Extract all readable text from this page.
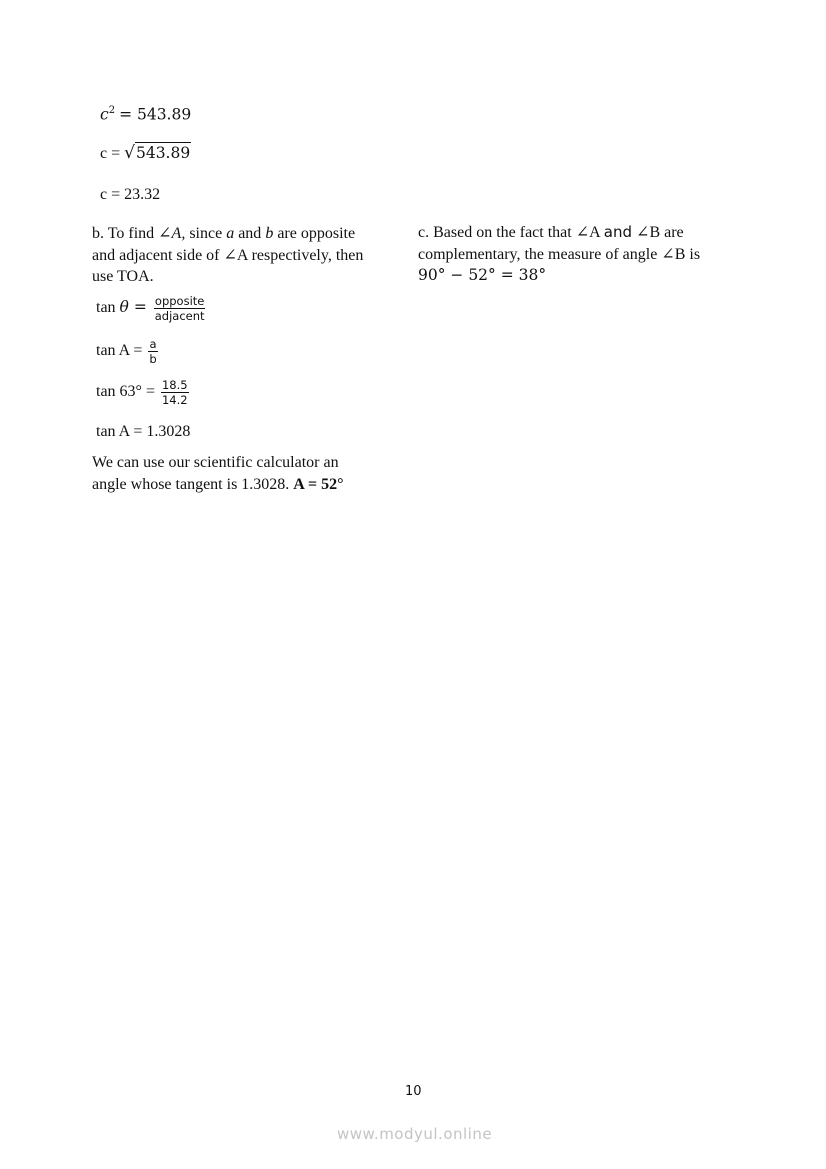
$c^2 = 543.89$
c = √ 543.89
c = 23.32
b. To find ∠A, since a and b are opposite
and adjacent side of ∠A respectively, then
use TOA.
$\tan \theta = \frac{\text{opposite}}{\text{adjacent}}$
$\tan A = \frac{a}{b}$
$\tan 63^\circ = \frac{18.5}{14.2}$
tan A = 1.3028
We can use our scientific calculator an
angle whose tangent is 1.3028. A = 52°
c. Based on the fact that ∠A and ∠B are
complementary, the measure of angle ∠B is
90° − 52° = 38°
10
www.modyul.online
